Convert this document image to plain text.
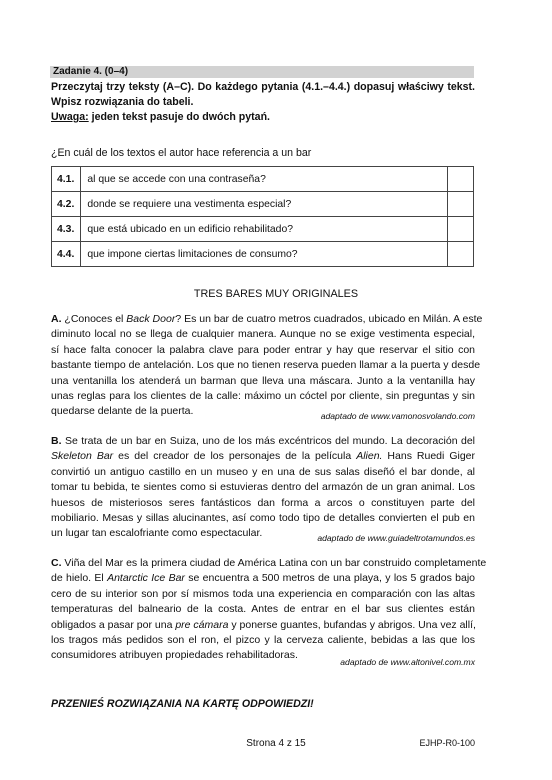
Zadanie 4. (0–4)
Przeczytaj trzy teksty (A–C). Do każdego pytania (4.1.–4.4.) dopasuj właściwy tekst.
Wpisz rozwiązania do tabeli.
Uwaga: jeden tekst pasuje do dwóch pytań.
¿En cuál de los textos el autor hace referencia a un bar
4.1.	al que se accede con una contraseña?	
4.2.	donde se requiere una vestimenta especial?	
4.3.	que está ubicado en un edificio rehabilitado?	
4.4.	que impone ciertas limitaciones de consumo?	
TRES BARES MUY ORIGINALES
A. ¿Conoces el Back Door? Es un bar de cuatro metros cuadrados, ubicado en Milán. A este
diminuto local no se llega de cualquier manera. Aunque no se exige vestimenta especial,
sí hace falta conocer la palabra clave para poder entrar y hay que reservar el sitio con
bastante tiempo de antelación. Los que no tienen reserva pueden llamar a la puerta y desde
una ventanilla los atenderá un barman que lleva una máscara. Junto a la ventanilla hay
unas reglas para los clientes de la calle: máximo un cóctel por cliente, sin preguntas y sin
quedarse delante de la puerta.	adaptado de www.vamonosvolando.com
B. Se trata de un bar en Suiza, uno de los más excéntricos del mundo. La decoración del
Skeleton Bar es del creador de los personajes de la película Alien. Hans Ruedi Giger
convirtió un antiguo castillo en un museo y en una de sus salas diseñó el bar donde, al
tomar tu bebida, te sientes como si estuvieras dentro del armazón de un gran animal. Los
huesos de misteriosos seres fantásticos dan forma a arcos o constituyen parte del
mobiliario. Mesas y sillas alucinantes, así como todo tipo de detalles convierten el pub en
un lugar tan escalofriante como espectacular.	adaptado de www.guiadeltrotamundos.es
C. Viña del Mar es la primera ciudad de América Latina con un bar construido completamente
de hielo. El Antarctic Ice Bar se encuentra a 500 metros de una playa, y los 5 grados bajo
cero de su interior son por sí mismos toda una experiencia en comparación con las altas
temperaturas del balneario de la costa. Antes de entrar en el bar sus clientes están
obligados a pasar por una pre cámara y ponerse guantes, bufandas y abrigos. Una vez allí,
los tragos más pedidos son el ron, el pizco y la cerveza caliente, bebidas a las que los
consumidores atribuyen propiedades rehabilitadoras.
adaptado de www.altonivel.com.mx
PRZENIEŚ ROZWIĄZANIA NA KARTĘ ODPOWIEDZI!
Strona 4 z 15	EJHP-R0-100
